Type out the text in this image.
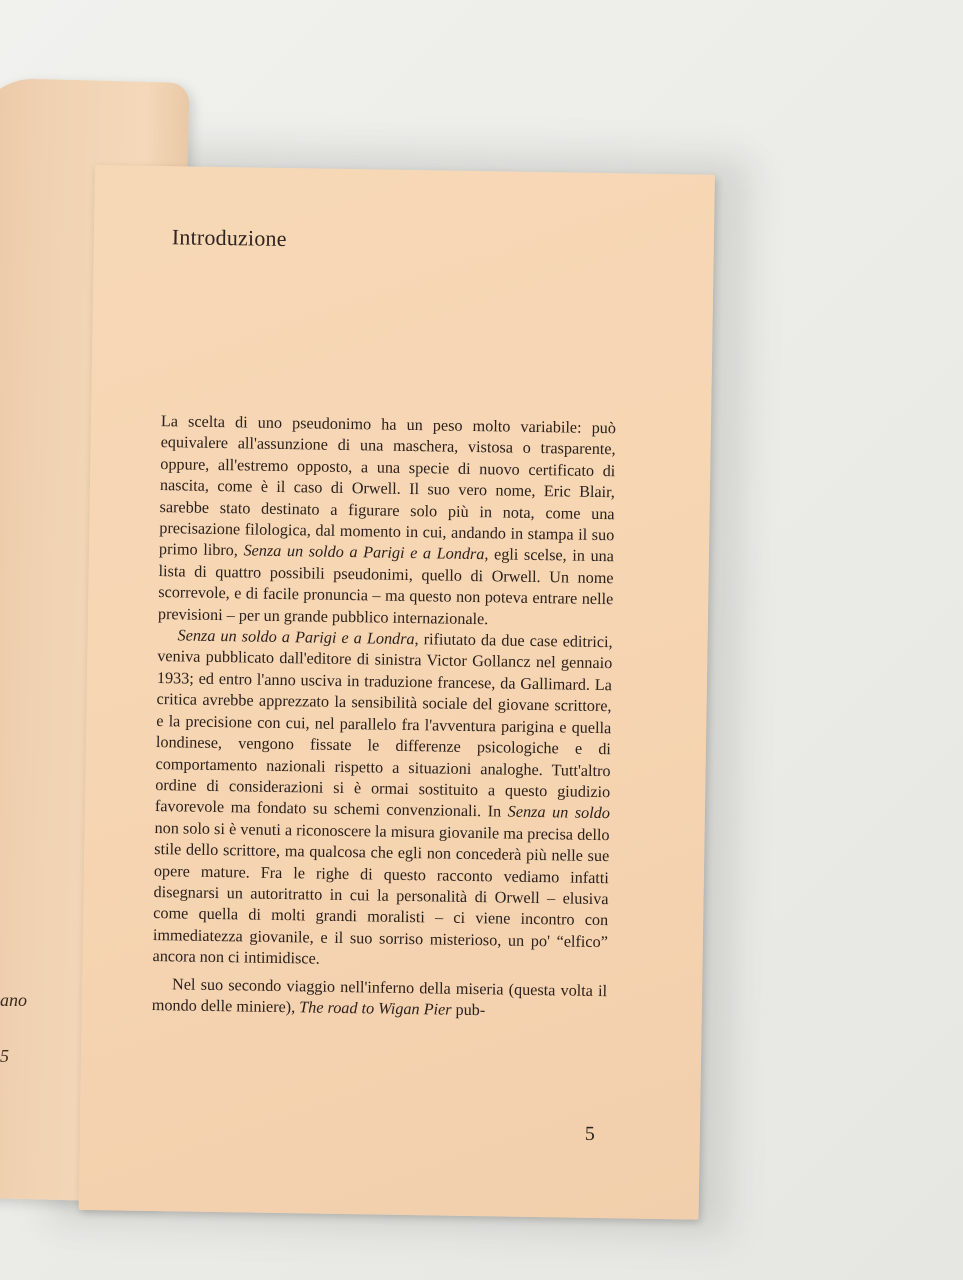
ano
5
Introduzione

La scelta di uno pseudonimo ha un peso molto variabile: può equivalere all'assunzione di una maschera, vistosa o trasparente, oppure, all'estremo opposto, a una specie di nuovo certificato di nascita, come è il caso di Orwell. Il suo vero nome, Eric Blair, sarebbe stato destinato a figurare solo più in nota, come una precisazione filologica, dal momento in cui, andando in stampa il suo primo libro, Senza un soldo a Parigi e a Londra, egli scelse, in una lista di quattro possibili pseudonimi, quello di Orwell. Un nome scorrevole, e di facile pronuncia – ma questo non poteva entrare nelle previsioni – per un grande pubblico internazionale.

Senza un soldo a Parigi e a Londra, rifiutato da due case editrici, veniva pubblicato dall'editore di sinistra Victor Gollancz nel gennaio 1933; ed entro l'anno usciva in traduzione francese, da Gallimard. La critica avrebbe apprezzato la sensibilità sociale del giovane scrittore, e la precisione con cui, nel parallelo fra l'avventura parigina e quella londinese, vengono fissate le differenze psicologiche e di comportamento nazionali rispetto a situazioni analoghe. Tutt'altro ordine di considerazioni si è ormai sostituito a questo giudizio favorevole ma fondato su schemi convenzionali. In Senza un soldo non solo si è venuti a riconoscere la misura giovanile ma precisa dello stile dello scrittore, ma qualcosa che egli non concederà più nelle sue opere mature. Fra le righe di questo racconto vediamo infatti disegnarsi un autoritratto in cui la personalità di Orwell – elusiva come quella di molti grandi moralisti – ci viene incontro con immediatezza giovanile, e il suo sorriso misterioso, un po' “elfico” ancora non ci intimidisce.

Nel suo secondo viaggio nell'inferno della miseria (questa volta il mondo delle miniere), The road to Wigan Pier pub-

5
